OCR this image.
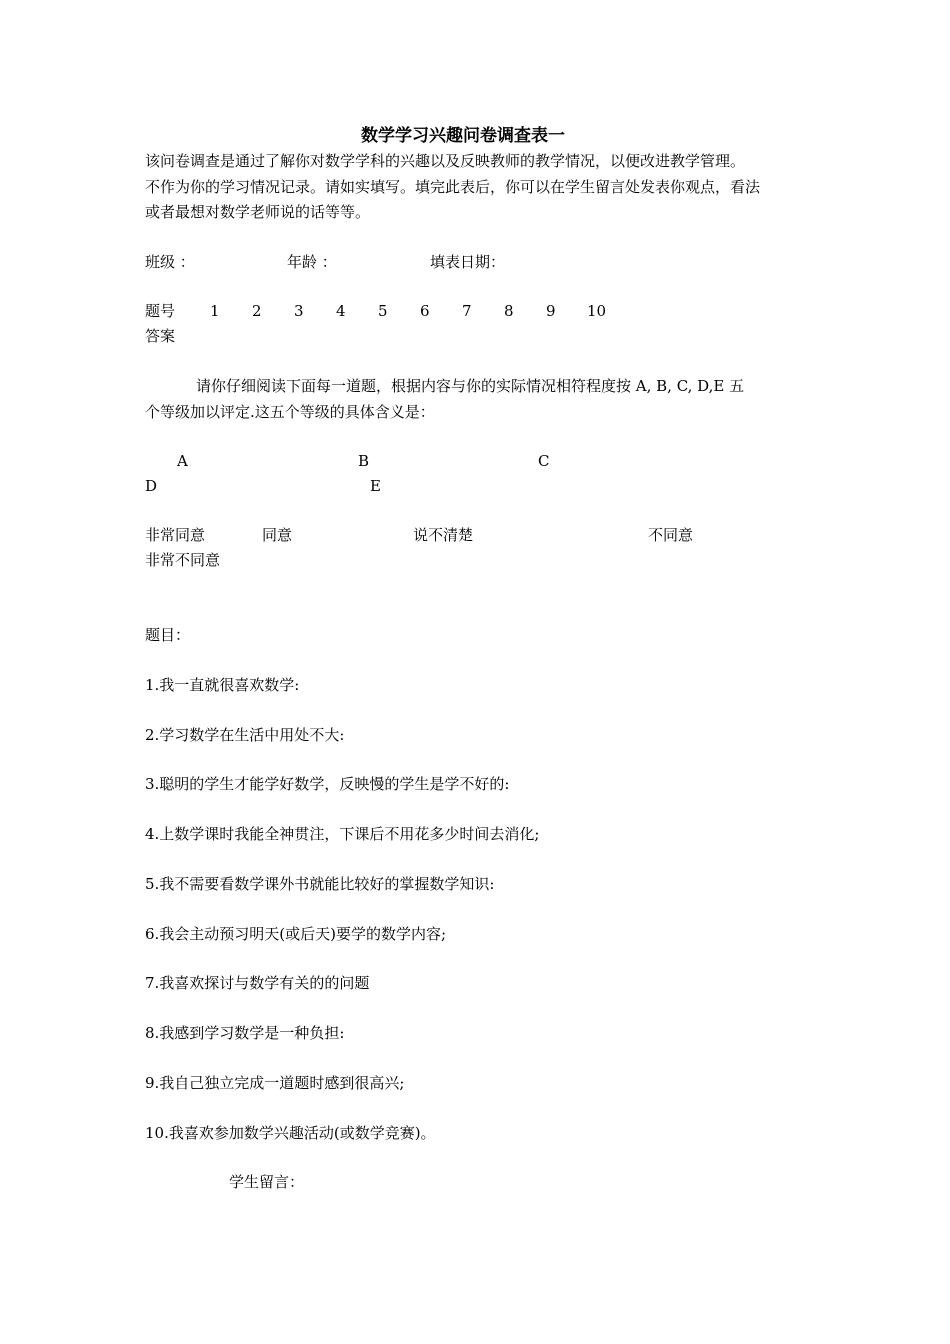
数学学习兴趣问卷调查表一
该问卷调查是通过了解你对数学学科的兴趣以及反映教师的教学情况，以便改进教学管理。
不作为你的学习情况记录。请如实填写。填完此表后，你可以在学生留言处发表你观点，看法
或者最想对数学老师说的话等等。
班级 ：	年龄 ：	填表日期：
题号 1 2 3 4 5 6 7 8 9 10
答案
请你仔细阅读下面每一道题，根据内容与你的实际情况相符程度按 A, B, C, D,E 五
个等级加以评定.这五个等级的具体含义是：
A	B	C
D	E
非常同意	同意	说不清楚	不同意
非常不同意
题目：
1.我一直就很喜欢数学:
2.学习数学在生活中用处不大:
3.聪明的学生才能学好数学，反映慢的学生是学不好的:
4.上数学课时我能全神贯注，下课后不用花多少时间去消化;
5.我不需要看数学课外书就能比较好的掌握数学知识:
6.我会主动预习明天(或后天)要学的数学内容;
7.我喜欢探讨与数学有关的的问题
8.我感到学习数学是一种负担:
9.我自己独立完成一道题时感到很高兴;
10.我喜欢参加数学兴趣活动(或数学竞赛)。
学生留言：
